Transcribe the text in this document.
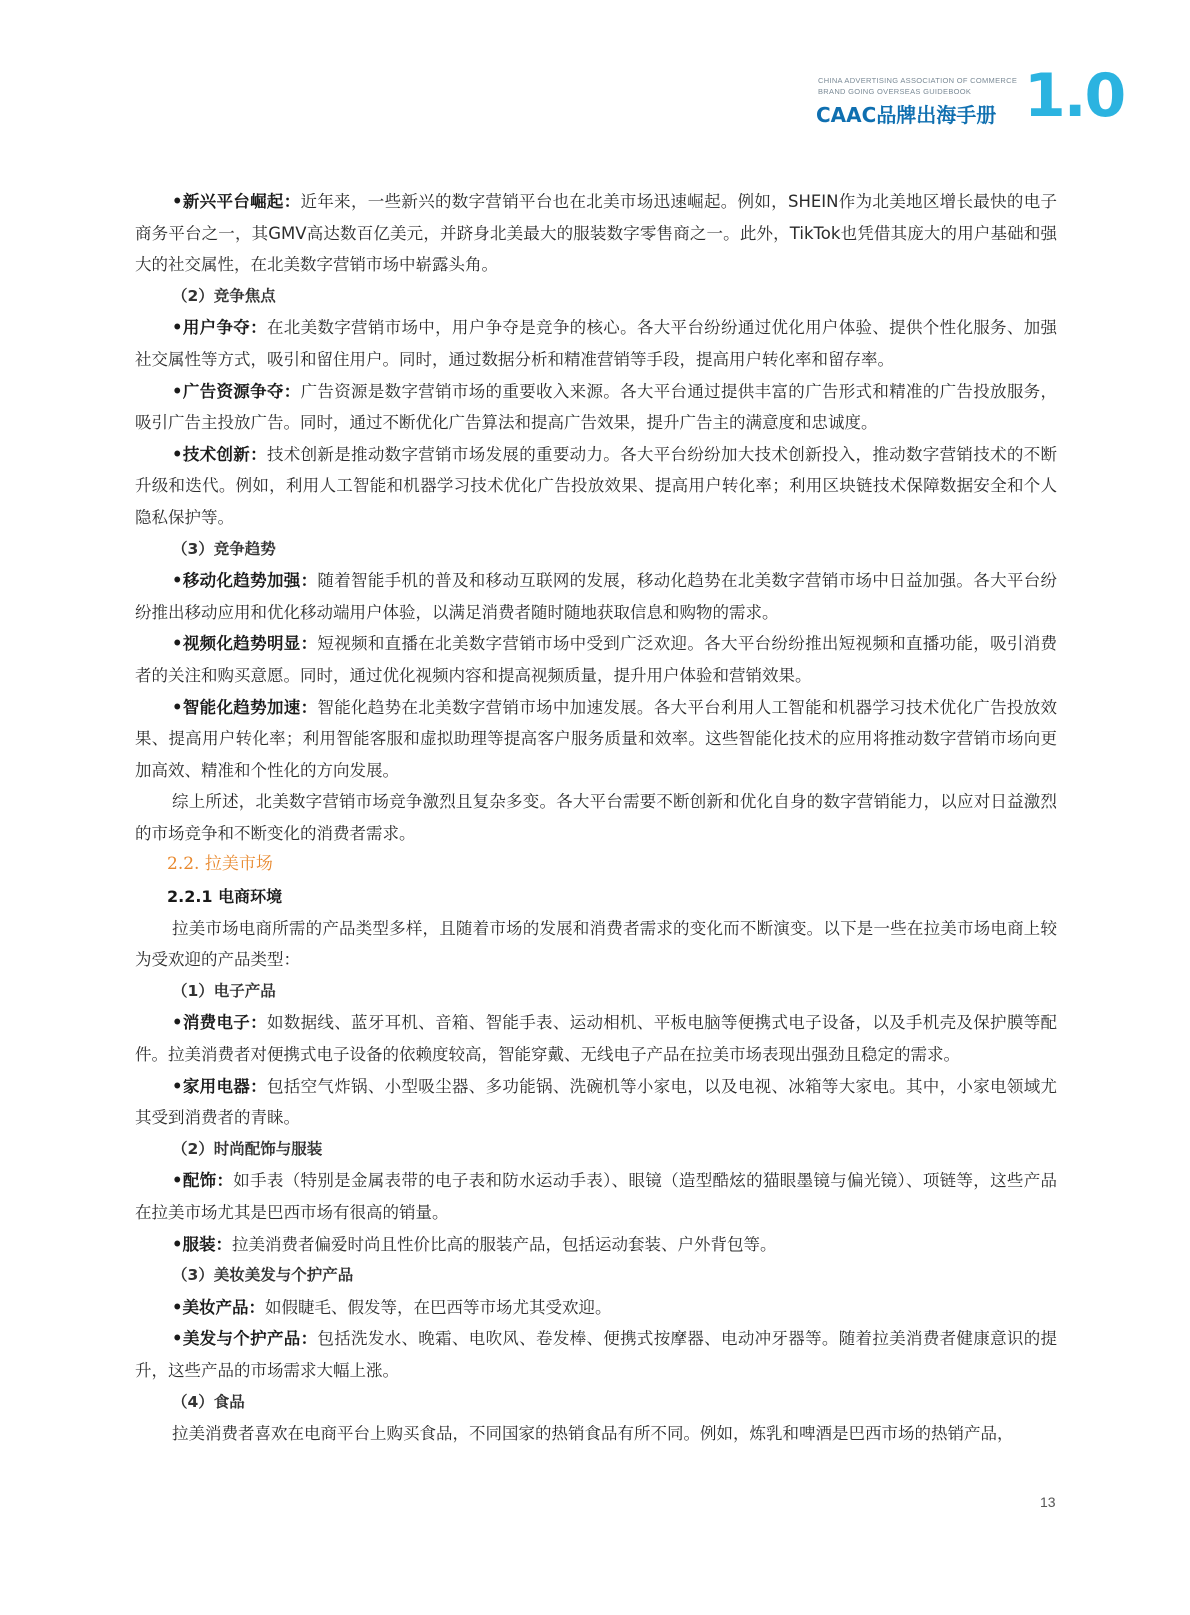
CHINA ADVERTISING ASSOCIATION OF COMMERCE
BRAND GOING OVERSEAS GUIDEBOOK
CAAC品牌出海手册 1.0

•新兴平台崛起：近年来，一些新兴的数字营销平台也在北美市场迅速崛起。例如，SHEIN作为北美地区增长最快的电子商务平台之一，其GMV高达数百亿美元，并跻身北美最大的服装数字零售商之一。此外，TikTok也凭借其庞大的用户基础和强大的社交属性，在北美数字营销市场中崭露头角。

（2）竞争焦点

•用户争夺：在北美数字营销市场中，用户争夺是竞争的核心。各大平台纷纷通过优化用户体验、提供个性化服务、加强社交属性等方式，吸引和留住用户。同时，通过数据分析和精准营销等手段，提高用户转化率和留存率。

•广告资源争夺：广告资源是数字营销市场的重要收入来源。各大平台通过提供丰富的广告形式和精准的广告投放服务，吸引广告主投放广告。同时，通过不断优化广告算法和提高广告效果，提升广告主的满意度和忠诚度。

•技术创新：技术创新是推动数字营销市场发展的重要动力。各大平台纷纷加大技术创新投入，推动数字营销技术的不断升级和迭代。例如，利用人工智能和机器学习技术优化广告投放效果、提高用户转化率；利用区块链技术保障数据安全和个人隐私保护等。

（3）竞争趋势

•移动化趋势加强：随着智能手机的普及和移动互联网的发展，移动化趋势在北美数字营销市场中日益加强。各大平台纷纷推出移动应用和优化移动端用户体验，以满足消费者随时随地获取信息和购物的需求。

•视频化趋势明显：短视频和直播在北美数字营销市场中受到广泛欢迎。各大平台纷纷推出短视频和直播功能，吸引消费者的关注和购买意愿。同时，通过优化视频内容和提高视频质量，提升用户体验和营销效果。

•智能化趋势加速：智能化趋势在北美数字营销市场中加速发展。各大平台利用人工智能和机器学习技术优化广告投放效果、提高用户转化率；利用智能客服和虚拟助理等提高客户服务质量和效率。这些智能化技术的应用将推动数字营销市场向更加高效、精准和个性化的方向发展。

综上所述，北美数字营销市场竞争激烈且复杂多变。各大平台需要不断创新和优化自身的数字营销能力，以应对日益激烈的市场竞争和不断变化的消费者需求。

2.2. 拉美市场

2.2.1 电商环境

拉美市场电商所需的产品类型多样，且随着市场的发展和消费者需求的变化而不断演变。以下是一些在拉美市场电商上较为受欢迎的产品类型：

（1）电子产品

•消费电子：如数据线、蓝牙耳机、音箱、智能手表、运动相机、平板电脑等便携式电子设备，以及手机壳及保护膜等配件。拉美消费者对便携式电子设备的依赖度较高，智能穿戴、无线电子产品在拉美市场表现出强劲且稳定的需求。

•家用电器：包括空气炸锅、小型吸尘器、多功能锅、洗碗机等小家电，以及电视、冰箱等大家电。其中，小家电领域尤其受到消费者的青睐。

（2）时尚配饰与服装

•配饰：如手表（特别是金属表带的电子表和防水运动手表）、眼镜（造型酷炫的猫眼墨镜与偏光镜）、项链等，这些产品在拉美市场尤其是巴西市场有很高的销量。

•服装：拉美消费者偏爱时尚且性价比高的服装产品，包括运动套装、户外背包等。

（3）美妆美发与个护产品

•美妆产品：如假睫毛、假发等，在巴西等市场尤其受欢迎。

•美发与个护产品：包括洗发水、晚霜、电吹风、卷发棒、便携式按摩器、电动冲牙器等。随着拉美消费者健康意识的提升，这些产品的市场需求大幅上涨。

（4）食品

拉美消费者喜欢在电商平台上购买食品，不同国家的热销食品有所不同。例如，炼乳和啤酒是巴西市场的热销产品，

13
